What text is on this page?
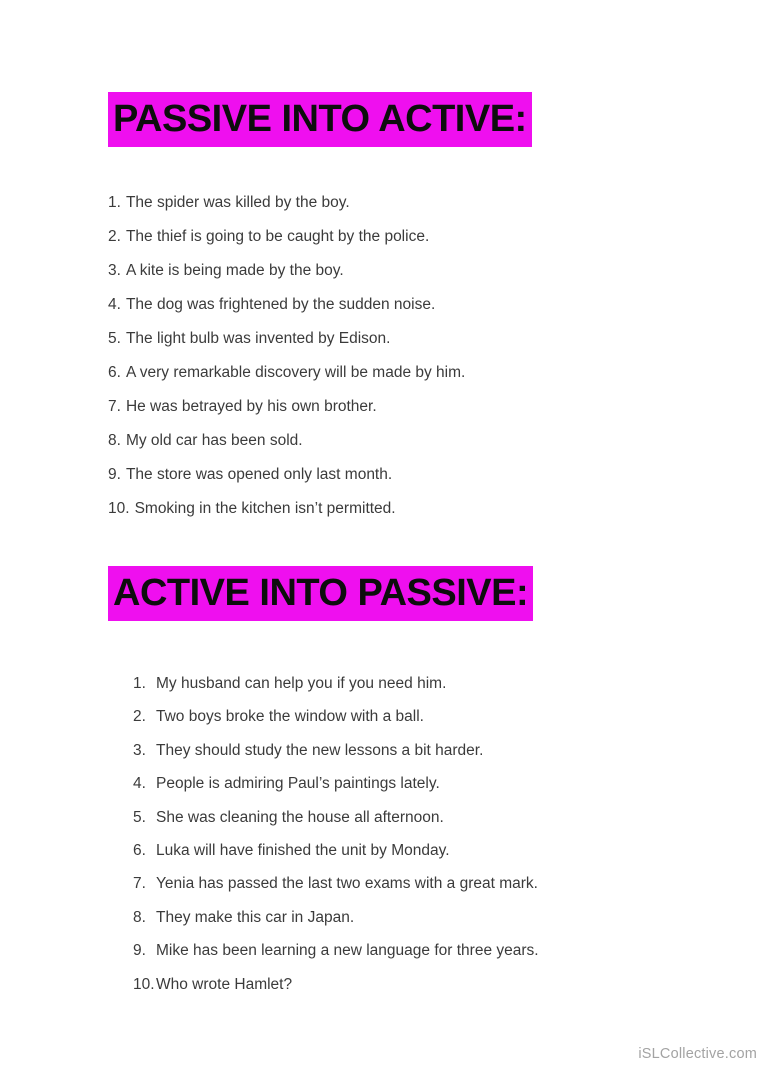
PASSIVE INTO ACTIVE:
1. The spider was killed by the boy.
2. The thief is going to be caught by the police.
3. A kite is being made by the boy.
4. The dog was frightened by the sudden noise.
5. The light bulb was invented by Edison.
6. A very remarkable discovery will be made by him.
7. He was betrayed by his own brother.
8. My old car has been sold.
9. The store was opened only last month.
10. Smoking in the kitchen isn’t permitted.
ACTIVE INTO PASSIVE:
1. My husband can help you if you need him.
2. Two boys broke the window with a ball.
3. They should study the new lessons a bit harder.
4. People is admiring Paul’s paintings lately.
5. She was cleaning the house all afternoon.
6. Luka will have finished the unit by Monday.
7. Yenia has passed the last two exams with a great mark.
8. They make this car in Japan.
9. Mike has been learning a new language for three years.
10.Who wrote Hamlet?
iSLCollective.com
